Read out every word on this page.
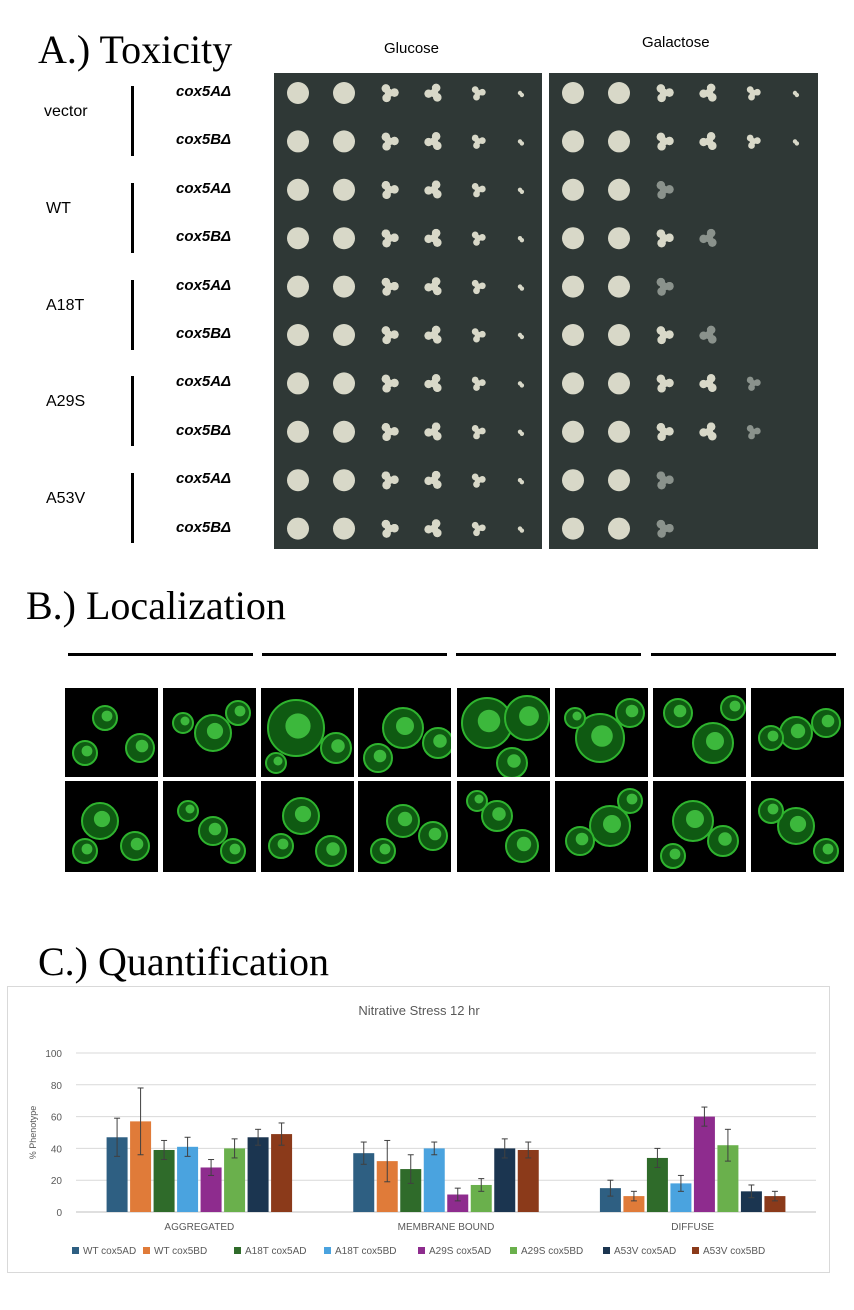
A.) Toxicity	Glucose	Galactose
vector
cox5AΔ
cox5BΔ
WT
cox5AΔ
cox5BΔ
A18T
cox5AΔ
cox5BΔ
A29S
cox5AΔ
cox5BΔ
A53V
cox5AΔ
cox5BΔ
B.) Localization
C.) Quantification
Nitrative Stress 12 hr
0
20
40
60
80
100
% Phenotype
AGGREGATED	MEMBRANE BOUND	DIFFUSE
WT cox5AD WT cox5BD	A18T cox5AD	A18T cox5BD	A29S cox5AD	A29S cox5BD	A53V cox5AD	A53V cox5BD
